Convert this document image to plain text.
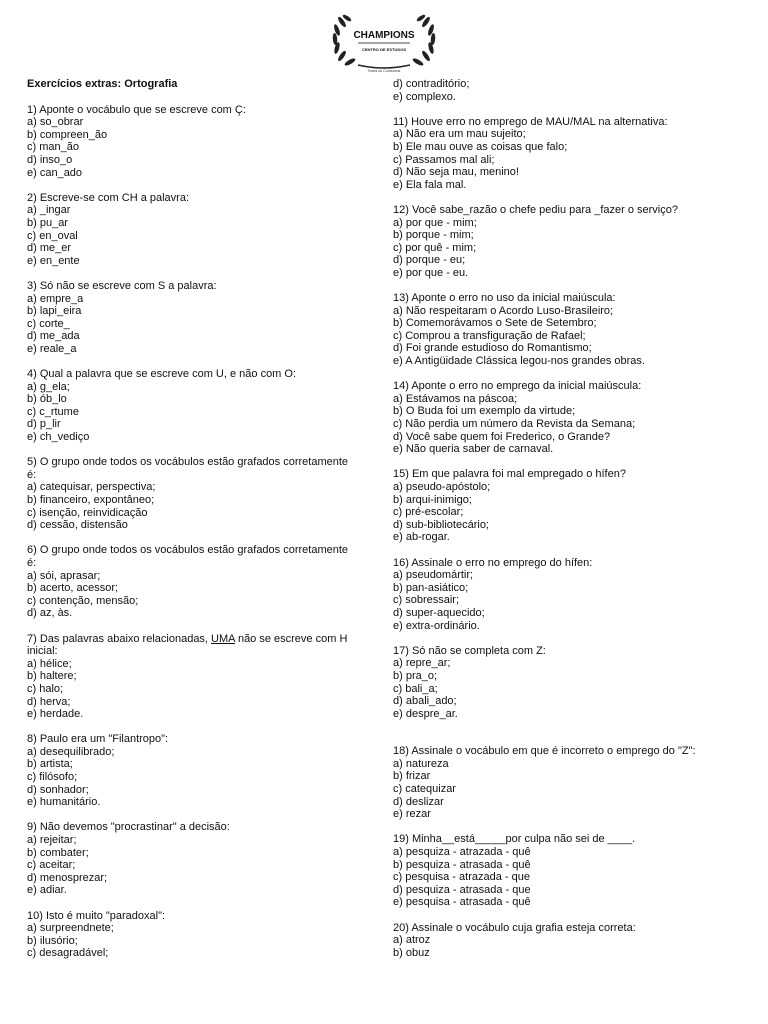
CHAMPIONS
CENTRO DE ESTUDOS
Todos os Concursos
Exercícios extras: Ortografia
1) Aponte o vocábulo que se escreve com Ç:
a) so_obrar
b) compreen_ão
c) man_ão
d) inso_o
e) can_ado
2) Escreve-se com CH a palavra:
a) _ingar
b) pu_ar
c) en_oval
d) me_er
e) en_ente
3) Só não se escreve com S a palavra:
a) empre_a
b) lapi_eira
c) corte_
d) me_ada
e) reale_a
4) Qual a palavra que se escreve com U, e não com O:
a) g_ela;
b) ób_lo
c) c_rtume
d) p_lir
e) ch_vediço
5) O grupo onde todos os vocábulos estão grafados corretamente
é:
a) catequisar, perspectiva;
b) financeiro, expontâneo;
c) isenção, reinvidicação
d) cessão, distensão
6) O grupo onde todos os vocábulos estão grafados corretamente
é:
a) sói, aprasar;
b) acerto, acessor;
c) contenção, mensão;
d) az, às.
7) Das palavras abaixo relacionadas, UMA não se escreve com H
inicial:
a) hélice;
b) haltere;
c) halo;
d) herva;
e) herdade.
8) Paulo era um "Filantropo":
a) desequilibrado;
b) artista;
c) filósofo;
d) sonhador;
e) humanitário.
9) Não devemos "procrastinar" a decisão:
a) rejeitar;
b) combater;
c) aceitar;
d) menosprezar;
e) adiar.
10) Isto é muito "paradoxal":
a) surpreendnete;
b) ilusório;
c) desagradável;
d) contraditório;
e) complexo.
11) Houve erro no emprego de MAU/MAL na alternativa:
a) Não era um mau sujeito;
b) Ele mau ouve as coisas que falo;
c) Passamos mal ali;
d) Não seja mau, menino!
e) Ela fala mal.
12) Você sabe_razão o chefe pediu para _fazer o serviço?
a) por que - mim;
b) porque - mim;
c) por quê - mim;
d) porque - eu;
e) por que - eu.
13) Aponte o erro no uso da inicial maiúscula:
a) Não respeitaram o Acordo Luso-Brasileiro;
b) Comemorávamos o Sete de Setembro;
c) Comprou a transfiguração de Rafael;
d) Foi grande estudioso do Romantismo;
e) A Antigüidade Clássica legou-nos grandes obras.
14) Aponte o erro no emprego da inicial maiúscula:
a) Estávamos na páscoa;
b) O Buda foi um exemplo da virtude;
c) Não perdia um número da Revista da Semana;
d) Você sabe quem foi Frederico, o Grande?
e) Não queria saber de carnaval.
15) Em que palavra foi mal empregado o hífen?
a) pseudo-apóstolo;
b) arqui-inimigo;
c) pré-escolar;
d) sub-bibliotecário;
e) ab-rogar.
16) Assinale o erro no emprego do hífen:
a) pseudomártir;
b) pan-asiático;
c) sobressair;
d) super-aquecido;
e) extra-ordinário.
17) Só não se completa com Z:
a) repre_ar;
b) pra_o;
c) bali_a;
d) abali_ado;
e) despre_ar.
18) Assinale o vocábulo em que é incorreto o emprego do "Z":
a) natureza
b) frizar
c) catequizar
d) deslizar
e) rezar
19) Minha__está_____por culpa não sei de ____.
a) pesquiza - atrazada - quê
b) pesquiza - atrasada - quê
c) pesquisa - atrazada - que
d) pesquiza - atrasada - que
e) pesquisa - atrasada - quê
20) Assinale o vocábulo cuja grafia esteja correta:
a) atroz
b) obuz
